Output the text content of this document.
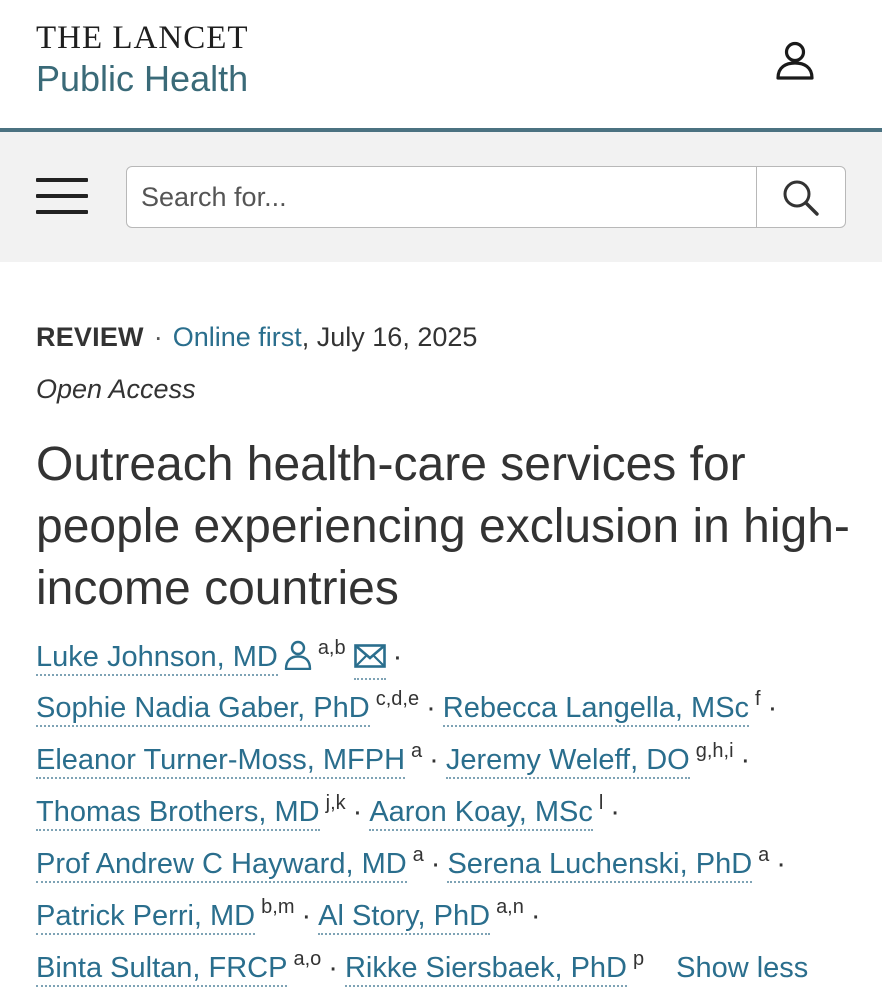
THE LANCET
Public Health
Search for...
REVIEW · Online first, July 16, 2025
Open Access
Outreach health-care services for people experiencing exclusion in high-income countries
Luke Johnson, MD $^{a,b}$ ·
Sophie Nadia Gaber, PhD $^{c,d,e}$ · Rebecca Langella, MSc $^f$ ·
Eleanor Turner-Moss, MFPH $^a$ · Jeremy Weleff, DO $^{g,h,i}$ ·
Thomas Brothers, MD $^{j,k}$ · Aaron Koay, MSc $^l$ ·
Prof Andrew C Hayward, MD $^a$ · Serena Luchenski, PhD $^a$ ·
Patrick Perri, MD $^{b,m}$ · Al Story, PhD $^{a,n}$ ·
Binta Sultan, FRCP $^{a,o}$ · Rikke Siersbaek, PhD $^p$ Show less
